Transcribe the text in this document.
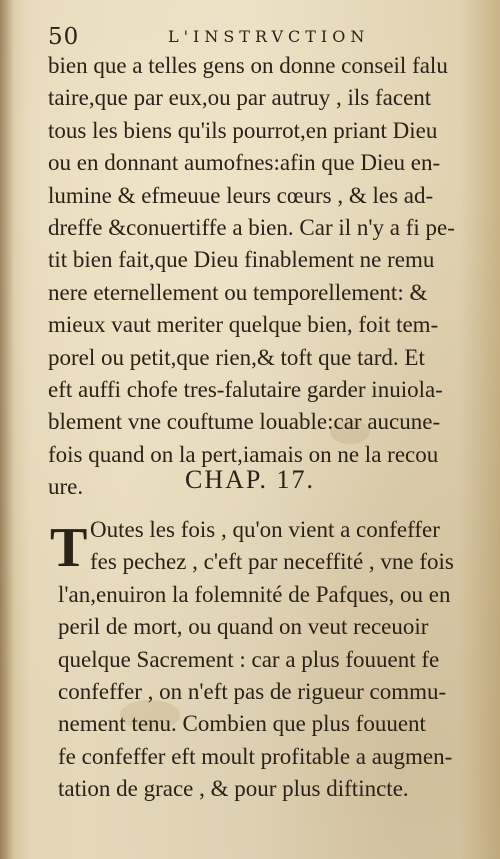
50	L'INSTRVCTION
bien que a telles gens on donne conseil falu
taire,que par eux,ou par autruy , ils facent
tous les biens qu'ils pourrot,en priant Dieu
ou en donnant aumofnes:afin que Dieu en-
lumine & efmeuue leurs cœurs , & les ad-
dreffe &conuertiffe a bien. Car il n'y a fi pe-
tit bien fait,que Dieu finablement ne remu
nere eternellement ou temporellement: &
mieux vaut meriter quelque bien, foit tem-
porel ou petit,que rien,& toft que tard. Et
eft auffi chofe tres-falutaire garder inuiola-
blement vne couftume louable:car aucune-
fois quand on la pert,iamais on ne la recou
ure.	CHAP. 17.
T Outes les fois , qu'on vient a confeffer
fes pechez , c'eft par neceffité , vne fois
l'an,enuiron la folemnité de Pafques, ou en
peril de mort, ou quand on veut receuoir
quelque Sacrement : car a plus fouuent fe
confeffer , on n'eft pas de rigueur commu-
nement tenu. Combien que plus fouuent
fe confeffer eft moult profitable a augmen-
tation de grace , & pour plus diftincte.
